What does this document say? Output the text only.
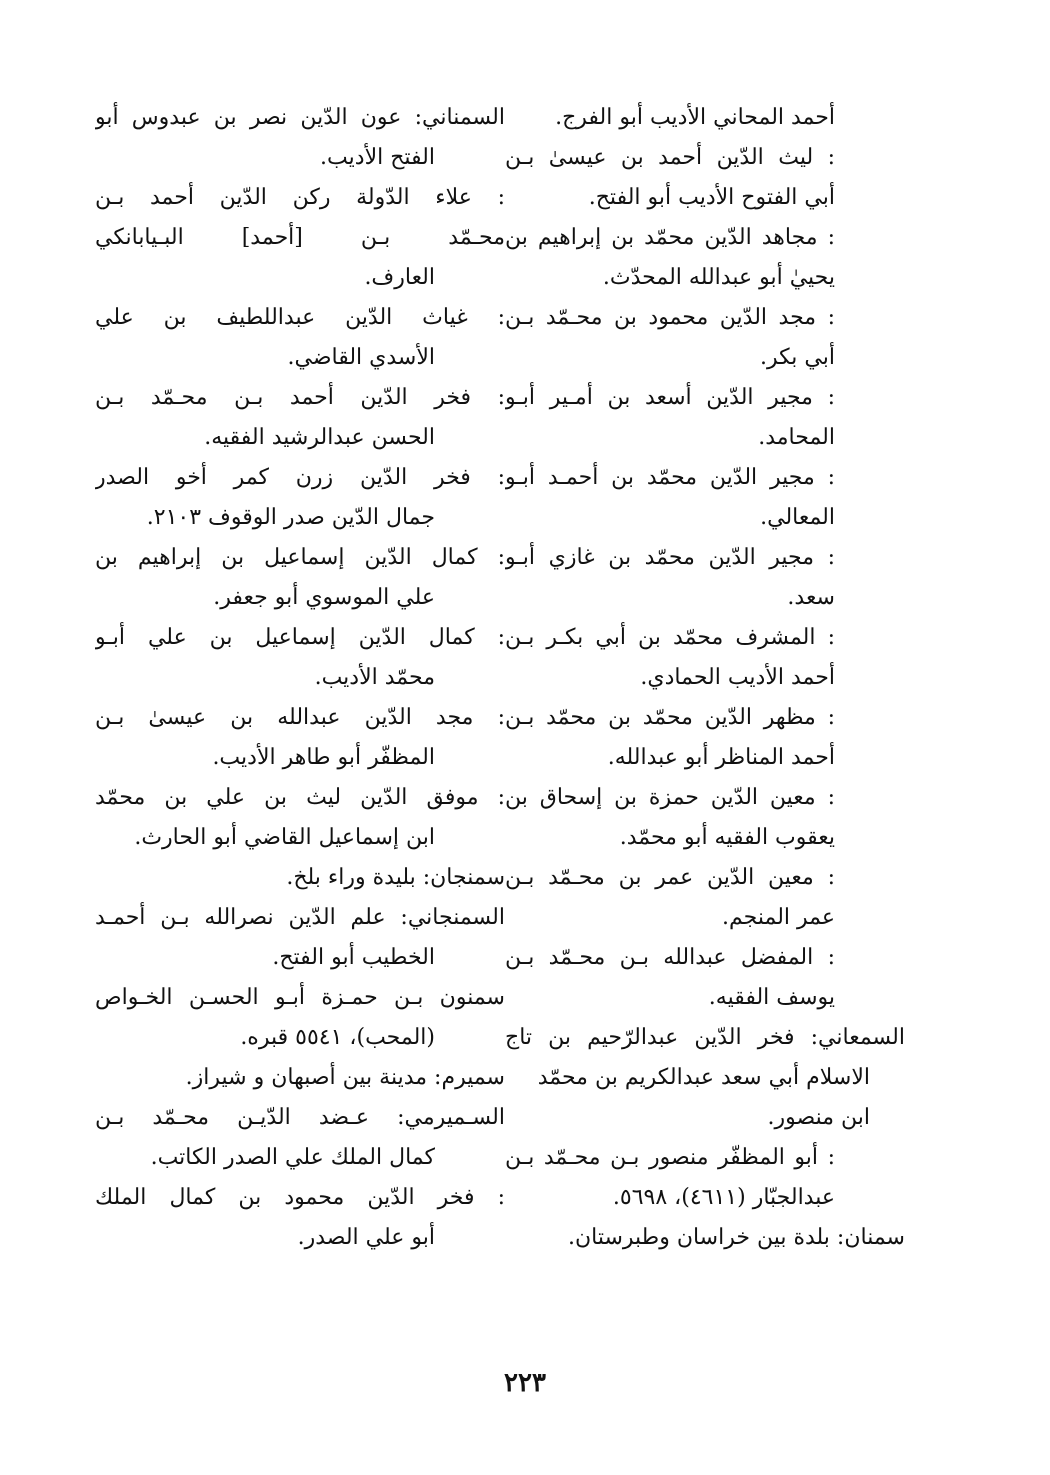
السمناني: عون الدّين نصر بن عبدوس أبو
الفتح الأديب.
: علاء الدّولة ركن الدّين أحمد بـن
محـمّد بـن [أحمد] البـيابانكي
العارف.
: غياث الدّين عبداللطيف بن علي
الأسدي القاضي.
: فخر الدّين أحمد بـن محـمّد بـن
الحسن عبدالرشيد الفقيه.
: فخر الدّين زرن كمر أخو الصدر
جمال الدّين صدر الوقوف ٢١٠٣.
: كمال الدّين إسماعيل بن إبراهيم بن
علي الموسوي أبو جعفر.
: كمال الدّين إسماعيل بن علي أبـو
محمّد الأديب.
: مجد الدّين عبدالله بن عيسىٰ بـن
المظفّر أبو طاهر الأديب.
: موفق الدّين ليث بن علي بن محمّد
ابن إسماعيل القاضي أبو الحارث.
سمنجان: بليدة وراء بلخ.
السمنجاني: علم الدّين نصرالله بـن أحمـد
الخطيب أبو الفتح.
سمنون بـن حمـزة أبـو الحسـن الخـواص
(المحب)، ٥٥٤١ قبره.
سميرم: مدينة بين أصبهان و شيراز.
السـميرمي: عـضد الدّيـن محـمّد بـن
كمال الملك علي الصدر الكاتب.
: فخر الدّين محمود بن كمال الملك
أبو علي الصدر.
أحمد المحاني الأديب أبو الفرج.
: ليث الدّين أحمد بن عيسىٰ بـن
أبي الفتوح الأديب أبو الفتح.
: مجاهد الدّين محمّد بن إبراهيم بن
يحييٰ أبو عبدالله المحدّث.
: مجد الدّين محمود بن محـمّد بـن
أبي بكر.
: مجير الدّين أسعد بن أمـير أبـو
المحامد.
: مجير الدّين محمّد بن أحمـد أبـو
المعالي.
: مجير الدّين محمّد بن غازي أبـو
سعد.
: المشرف محمّد بن أبي بكـر بـن
أحمد الأديب الحمادي.
: مظهر الدّين محمّد بن محمّد بـن
أحمد المناظر أبو عبدالله.
: معين الدّين حمزة بن إسحاق بن
يعقوب الفقيه أبو محمّد.
: معين الدّين عمر بن محـمّد بـن
عمر المنجم.
: المفضل عبدالله بـن محـمّد بـن
يوسف الفقيه.
السمعاني: فخر الدّين عبدالرّحيم بن تاج
الاسلام أبي سعد عبدالكريم بن محمّد
ابن منصور.
: أبو المظفّر منصور بـن محـمّد بـن
عبدالجبّار (٤٦١١)، ٥٦٩٨.
سمنان: بلدة بين خراسان وطبرستان.
٢٢٣
